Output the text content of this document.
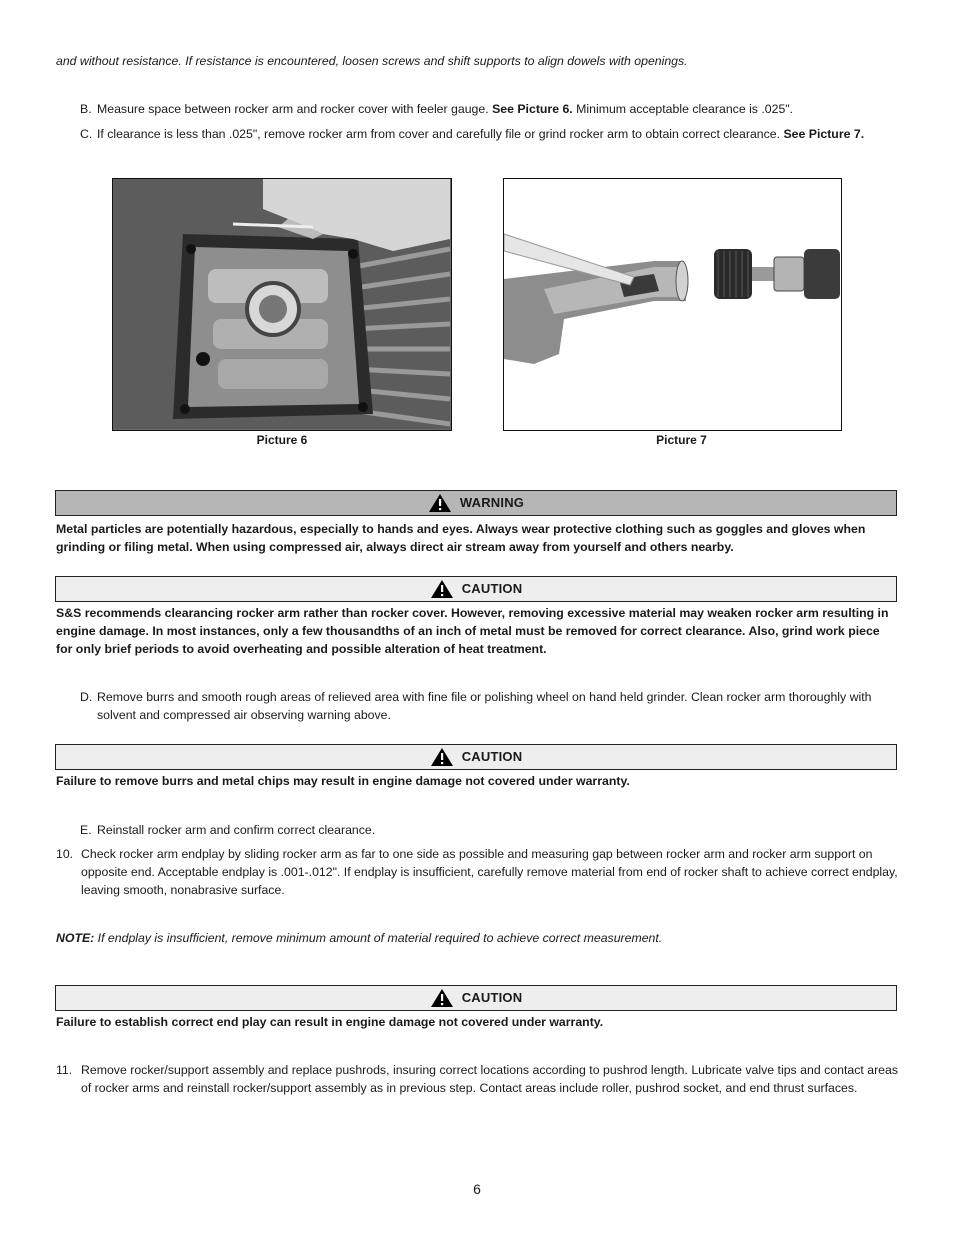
and without resistance. If resistance is encountered, loosen screws and shift supports to align dowels with openings.
B. Measure space between rocker arm and rocker cover with feeler gauge. See Picture 6. Minimum acceptable clearance is .025".
C. If clearance is less than .025", remove rocker arm from cover and carefully file or grind rocker arm to obtain correct clearance. See Picture 7.
Picture 6	Picture 7
WARNING
Metal particles are potentially hazardous, especially to hands and eyes. Always wear protective clothing such as goggles and gloves when grinding or filing metal. When using compressed air, always direct air stream away from yourself and others nearby.
CAUTION
S&S recommends clearancing rocker arm rather than rocker cover. However, removing excessive material may weaken rocker arm resulting in engine damage. In most instances, only a few thousandths of an inch of metal must be removed for correct clearance. Also, grind work piece for only brief periods to avoid overheating and possible alteration of heat treatment.
D. Remove burrs and smooth rough areas of relieved area with fine file or polishing wheel on hand held grinder. Clean rocker arm thoroughly with solvent and compressed air observing warning above.
CAUTION
Failure to remove burrs and metal chips may result in engine damage not covered under warranty.
E. Reinstall rocker arm and confirm correct clearance.
10. Check rocker arm endplay by sliding rocker arm as far to one side as possible and measuring gap between rocker arm and rocker arm support on opposite end. Acceptable endplay is .001-.012". If endplay is insufficient, carefully remove material from end of rocker shaft to achieve correct endplay, leaving smooth, nonabrasive surface.
NOTE: If endplay is insufficient, remove minimum amount of material required to achieve correct measurement.
CAUTION
Failure to establish correct end play can result in engine damage not covered under warranty.
11. Remove rocker/support assembly and replace pushrods, insuring correct locations according to pushrod length. Lubricate valve tips and contact areas of rocker arms and reinstall rocker/support assembly as in previous step. Contact areas include roller, pushrod socket, and end thrust surfaces.
6
